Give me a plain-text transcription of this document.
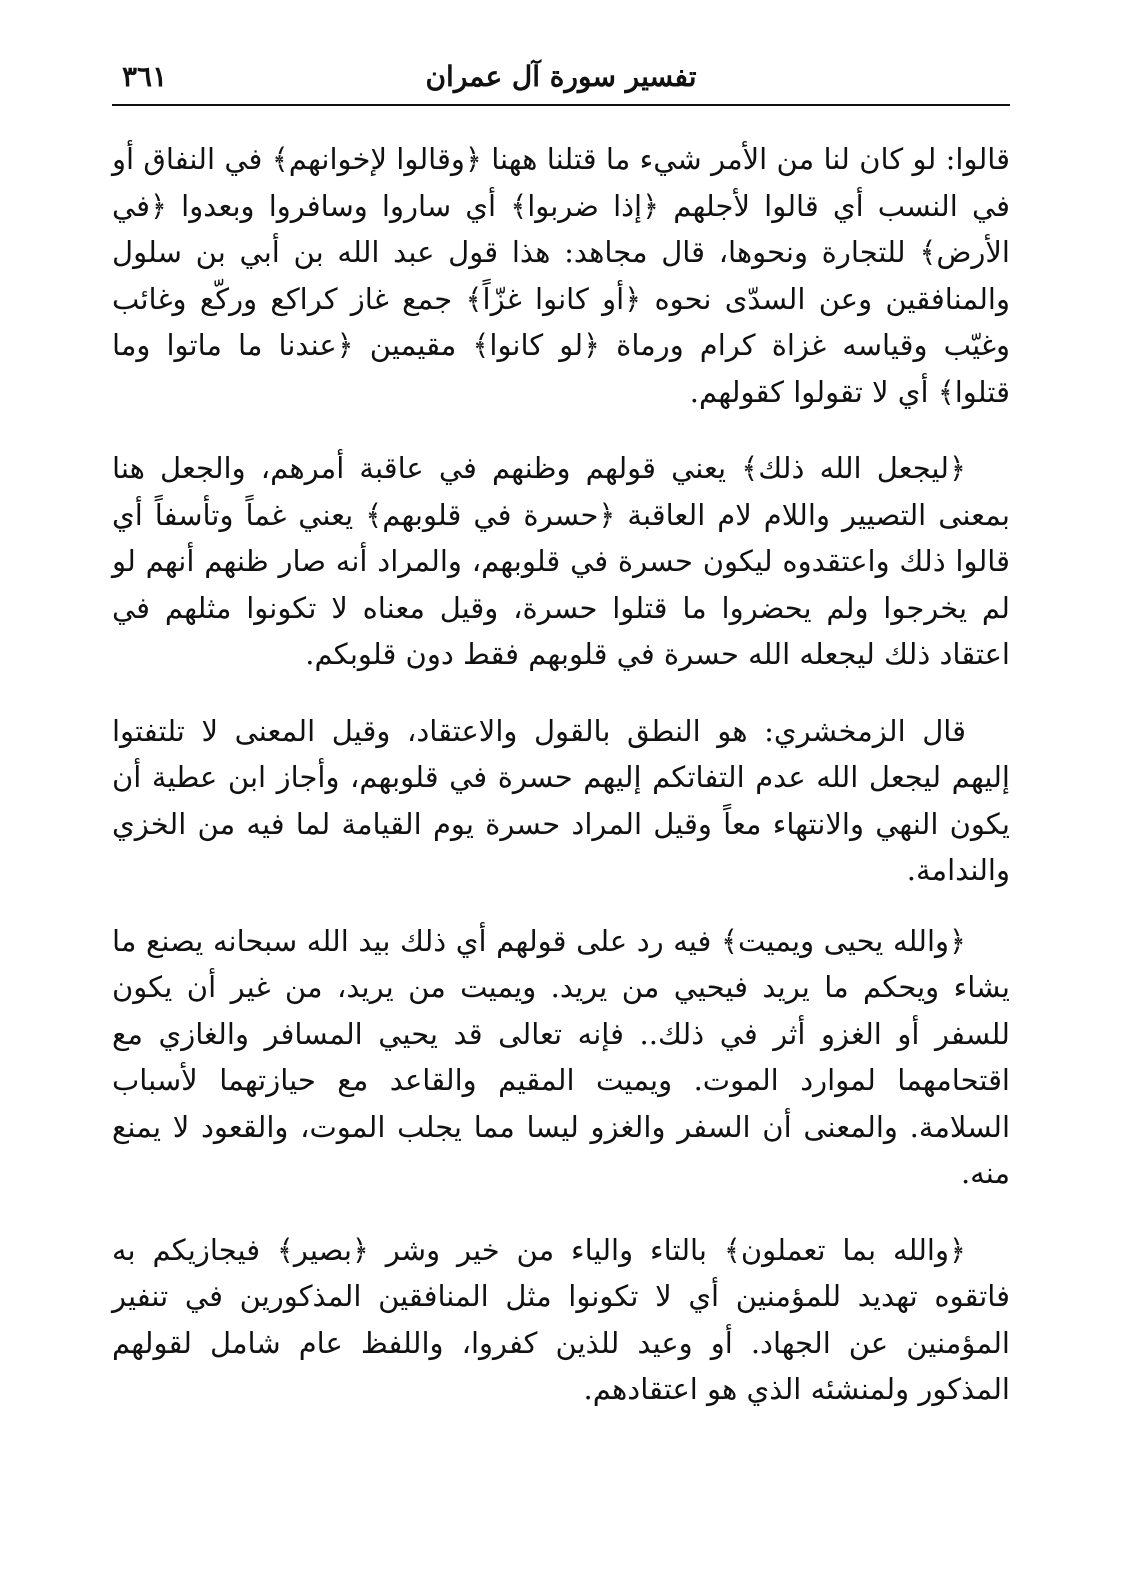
تفسير سورة آل عمران
٣٦١

قالوا: لو كان لنا من الأمر شيء ما قتلنا ههنا ﴿وقالوا لإخوانهم﴾ في النفاق أو في النسب أي قالوا لأجلهم ﴿إذا ضربوا﴾ أي ساروا وسافروا وبعدوا ﴿في الأرض﴾ للتجارة ونحوها، قال مجاهد: هذا قول عبد الله بن أبي بن سلول والمنافقين وعن السدّى نحوه ﴿أو كانوا غزّاً﴾ جمع غاز كراكع وركّع وغائب وغيّب وقياسه غزاة كرام ورماة ﴿لو كانوا﴾ مقيمين ﴿عندنا ما ماتوا وما قتلوا﴾ أي لا تقولوا كقولهم.

﴿ليجعل الله ذلك﴾ يعني قولهم وظنهم في عاقبة أمرهم، والجعل هنا بمعنى التصيير واللام لام العاقبة ﴿حسرة في قلوبهم﴾ يعني غماً وتأسفاً أي قالوا ذلك واعتقدوه ليكون حسرة في قلوبهم، والمراد أنه صار ظنهم أنهم لو لم يخرجوا ولم يحضروا ما قتلوا حسرة، وقيل معناه لا تكونوا مثلهم في اعتقاد ذلك ليجعله الله حسرة في قلوبهم فقط دون قلوبكم.

قال الزمخشري: هو النطق بالقول والاعتقاد، وقيل المعنى لا تلتفتوا إليهم ليجعل الله عدم التفاتكم إليهم حسرة في قلوبهم، وأجاز ابن عطية أن يكون النهي والانتهاء معاً وقيل المراد حسرة يوم القيامة لما فيه من الخزي والندامة.

﴿والله يحيى ويميت﴾ فيه رد على قولهم أي ذلك بيد الله سبحانه يصنع ما يشاء ويحكم ما يريد فيحيي من يريد. ويميت من يريد، من غير أن يكون للسفر أو الغزو أثر في ذلك.. فإنه تعالى قد يحيي المسافر والغازي مع اقتحامهما لموارد الموت. ويميت المقيم والقاعد مع حيازتهما لأسباب السلامة. والمعنى أن السفر والغزو ليسا مما يجلب الموت، والقعود لا يمنع منه.

﴿والله بما تعملون﴾ بالتاء والياء من خير وشر ﴿بصير﴾ فيجازيكم به فاتقوه تهديد للمؤمنين أي لا تكونوا مثل المنافقين المذكورين في تنفير المؤمنين عن الجهاد. أو وعيد للذين كفروا، واللفظ عام شامل لقولهم المذكور ولمنشئه الذي هو اعتقادهم.
